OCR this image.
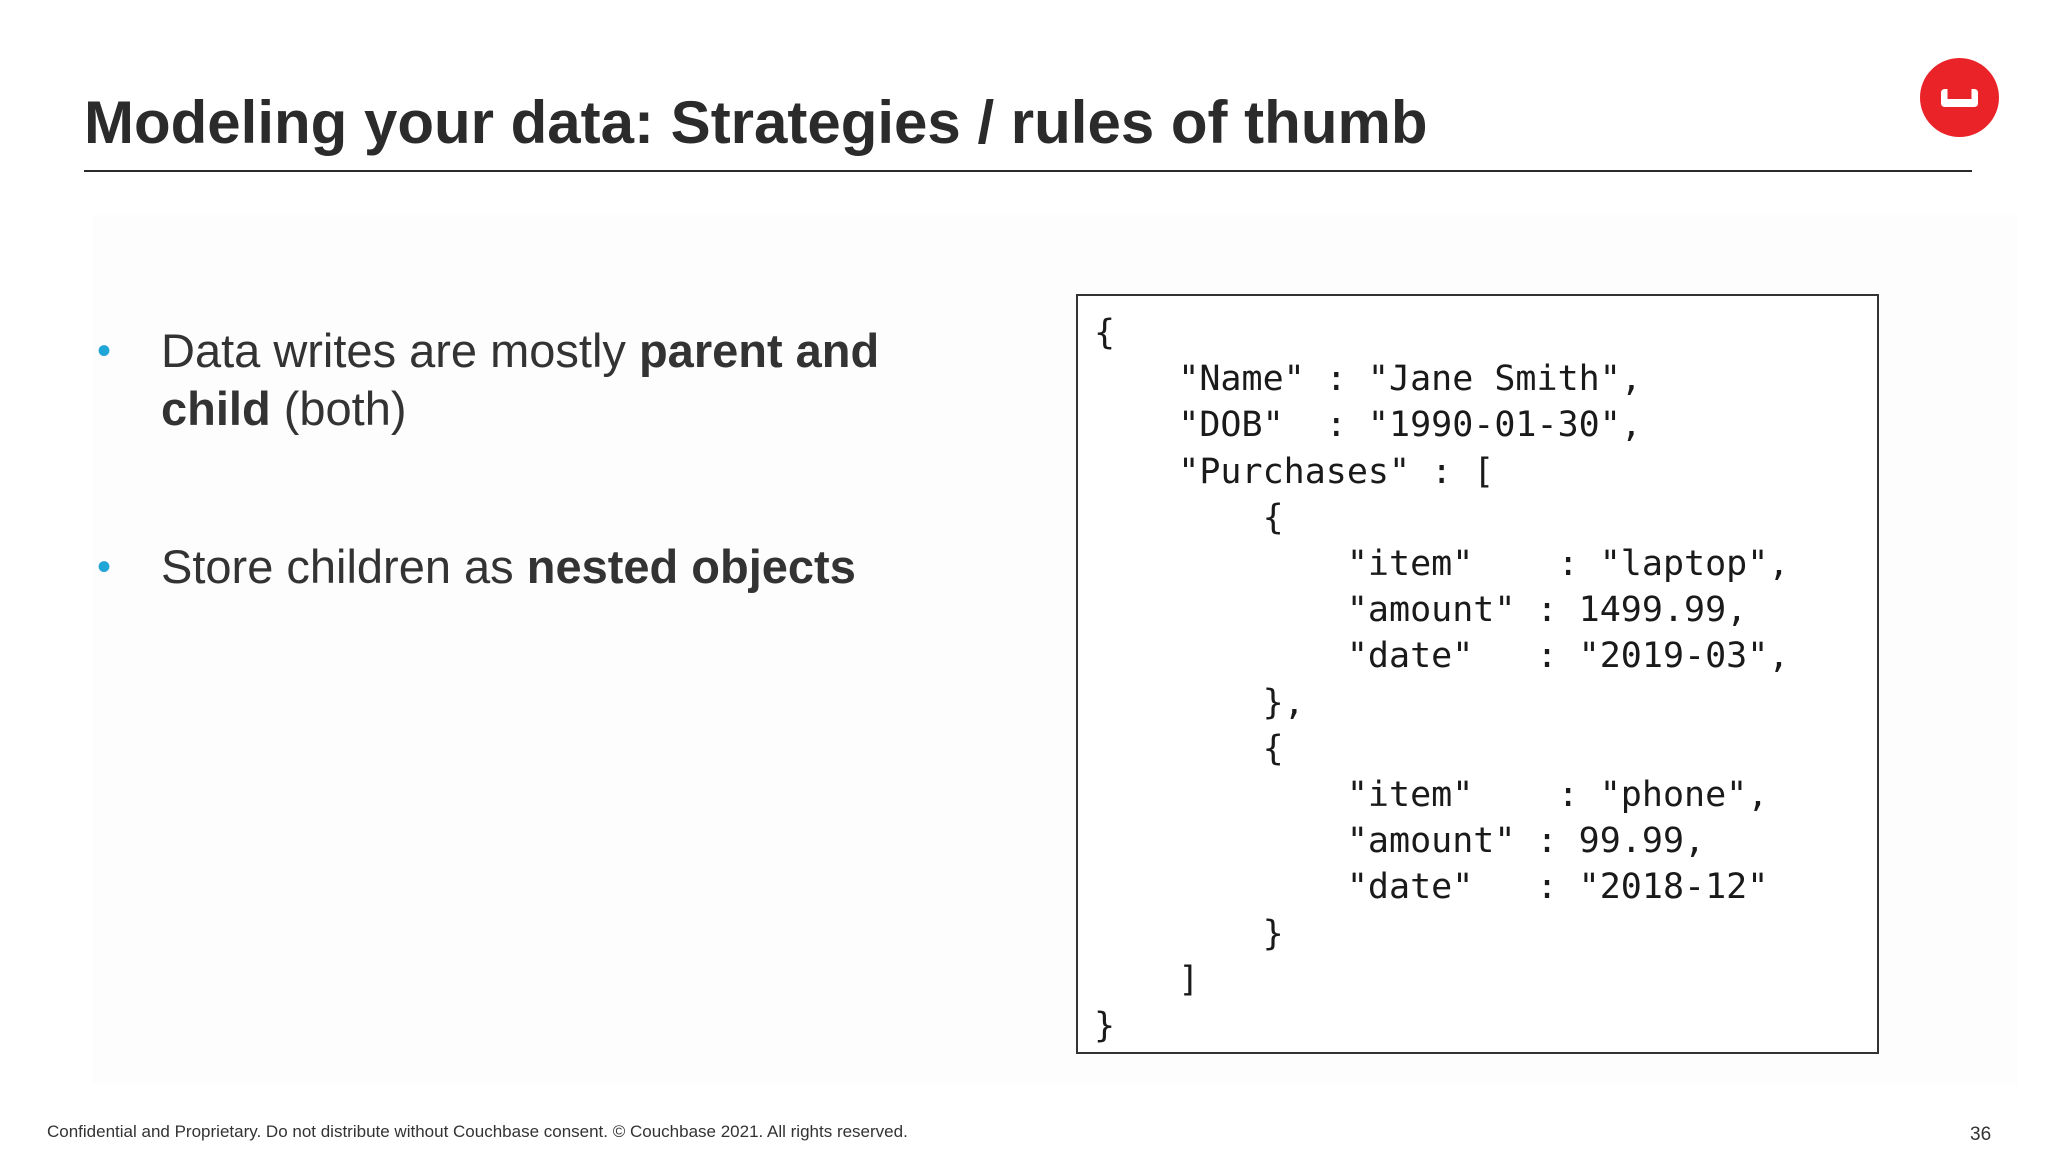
Modeling your data: Strategies / rules of thumb
• Data writes are mostly parent and child (both)
• Store children as nested objects
{
"Name" : "Jane Smith",
"DOB"  : "1990-01-30",
"Purchases" : [
{
"item"    : "laptop",
"amount" : 1499.99,
"date"   : "2019-03",
},
{
"item"    : "phone",
"amount" : 99.99,
"date"   : "2018-12"
}
]
}
Confidential and Proprietary. Do not distribute without Couchbase consent. © Couchbase 2021. All rights reserved.	36
